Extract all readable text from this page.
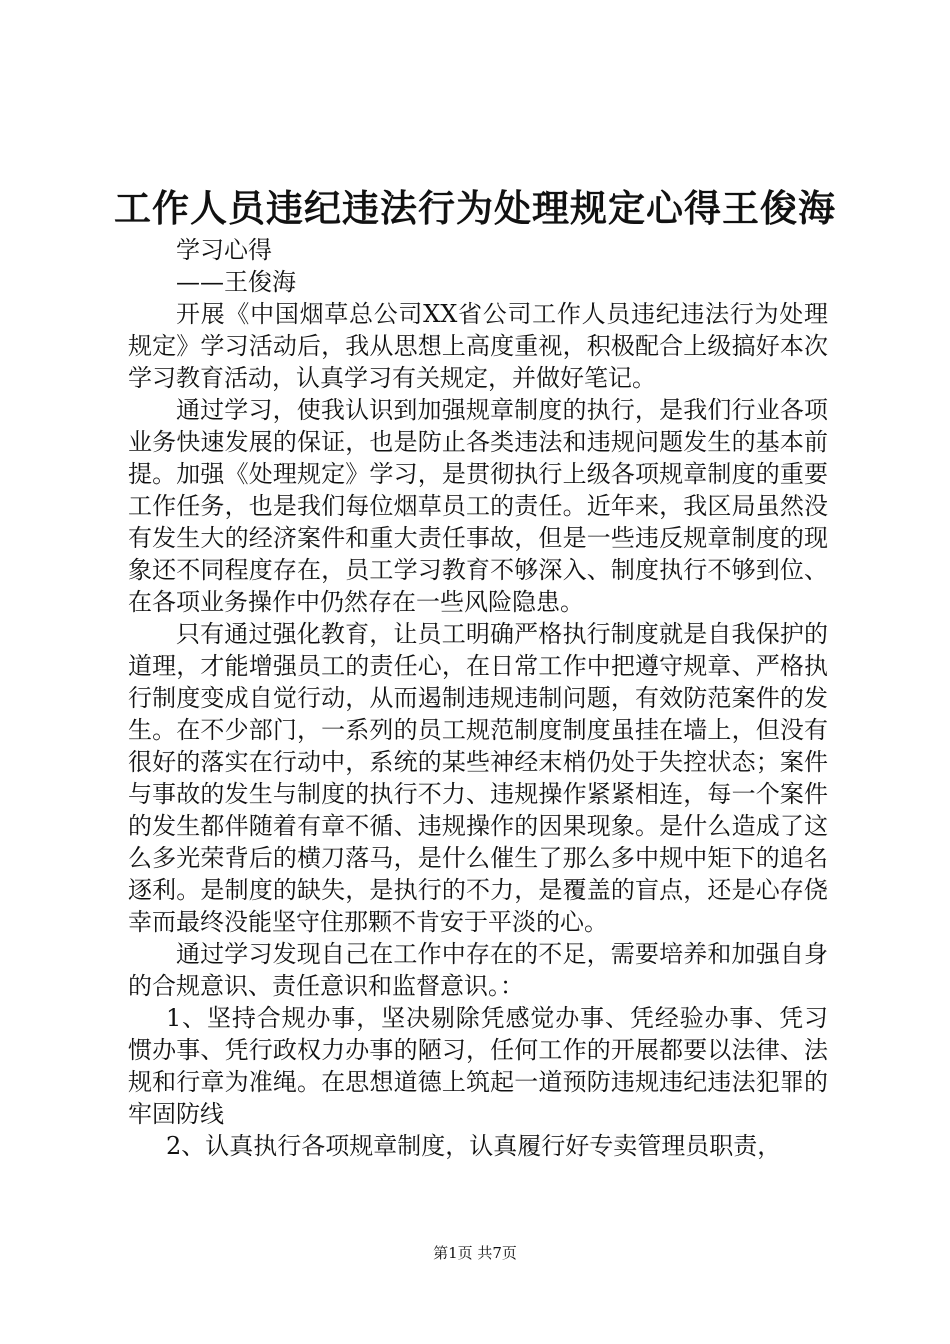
工作人员违纪违法行为处理规定心得王俊海

学习心得

——王俊海

开展《中国烟草总公司XX省公司工作人员违纪违法行为处理规定》学习活动后，我从思想上高度重视，积极配合上级搞好本次学习教育活动，认真学习有关规定，并做好笔记。

通过学习，使我认识到加强规章制度的执行，是我们行业各项业务快速发展的保证，也是防止各类违法和违规问题发生的基本前提。加强《处理规定》学习，是贯彻执行上级各项规章制度的重要工作任务，也是我们每位烟草员工的责任。近年来，我区局虽然没有发生大的经济案件和重大责任事故，但是一些违反规章制度的现象还不同程度存在，员工学习教育不够深入、制度执行不够到位、在各项业务操作中仍然存在一些风险隐患。

只有通过强化教育，让员工明确严格执行制度就是自我保护的道理，才能增强员工的责任心，在日常工作中把遵守规章、严格执行制度变成自觉行动，从而遏制违规违制问题，有效防范案件的发生。在不少部门，一系列的员工规范制度制度虽挂在墙上，但没有很好的落实在行动中，系统的某些神经末梢仍处于失控状态；案件与事故的发生与制度的执行不力、违规操作紧紧相连，每一个案件的发生都伴随着有章不循、违规操作的因果现象。是什么造成了这么多光荣背后的横刀落马，是什么催生了那么多中规中矩下的追名逐利。是制度的缺失，是执行的不力，是覆盖的盲点，还是心存侥幸而最终没能坚守住那颗不肯安于平淡的心。

通过学习发现自己在工作中存在的不足，需要培养和加强自身的合规意识、责任意识和监督意识。：

1、坚持合规办事，坚决剔除凭感觉办事、凭经验办事、凭习惯办事、凭行政权力办事的陋习，任何工作的开展都要以法律、法规和行章为准绳。在思想道德上筑起一道预防违规违纪违法犯罪的牢固防线

2、认真执行各项规章制度，认真履行好专卖管理员职责，

第1页 共7页
